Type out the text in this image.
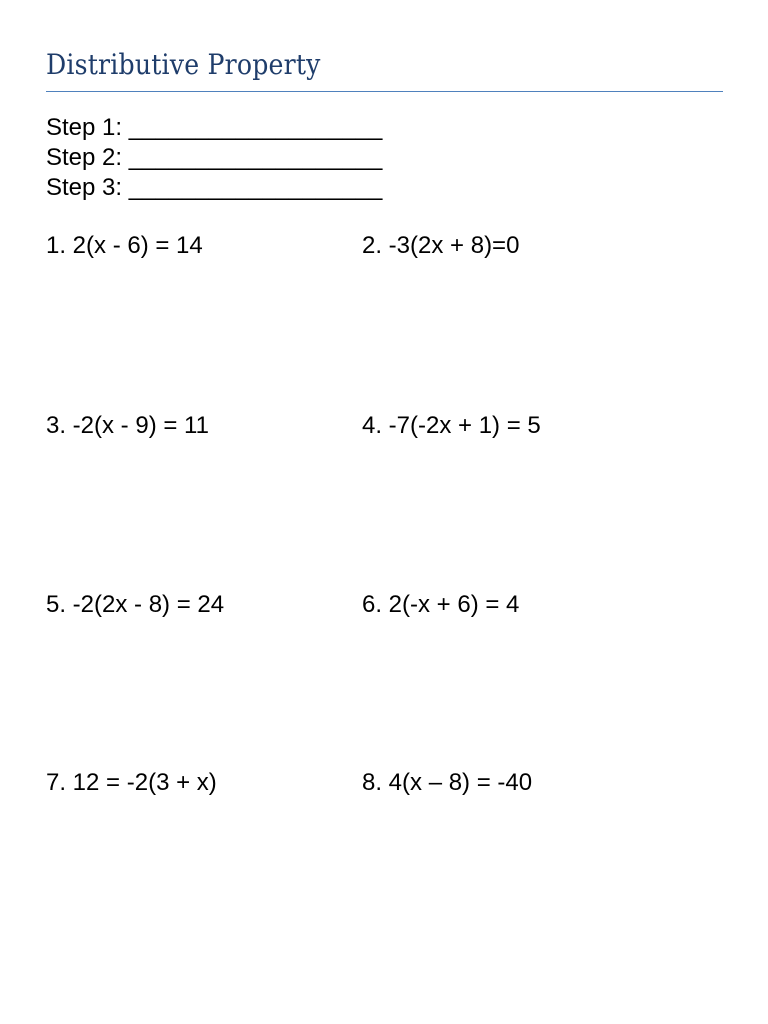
Distributive Property
Step 1: ___________________
Step 2: ___________________
Step 3: ___________________
1. 2(x - 6) = 14	2. -3(2x + 8)=0
3. -2(x - 9) = 11	4. -7(-2x + 1) = 5
5. -2(2x - 8) = 24	6. 2(-x + 6) = 4
7. 12 = -2(3 + x)	8. 4(x – 8) = -40
